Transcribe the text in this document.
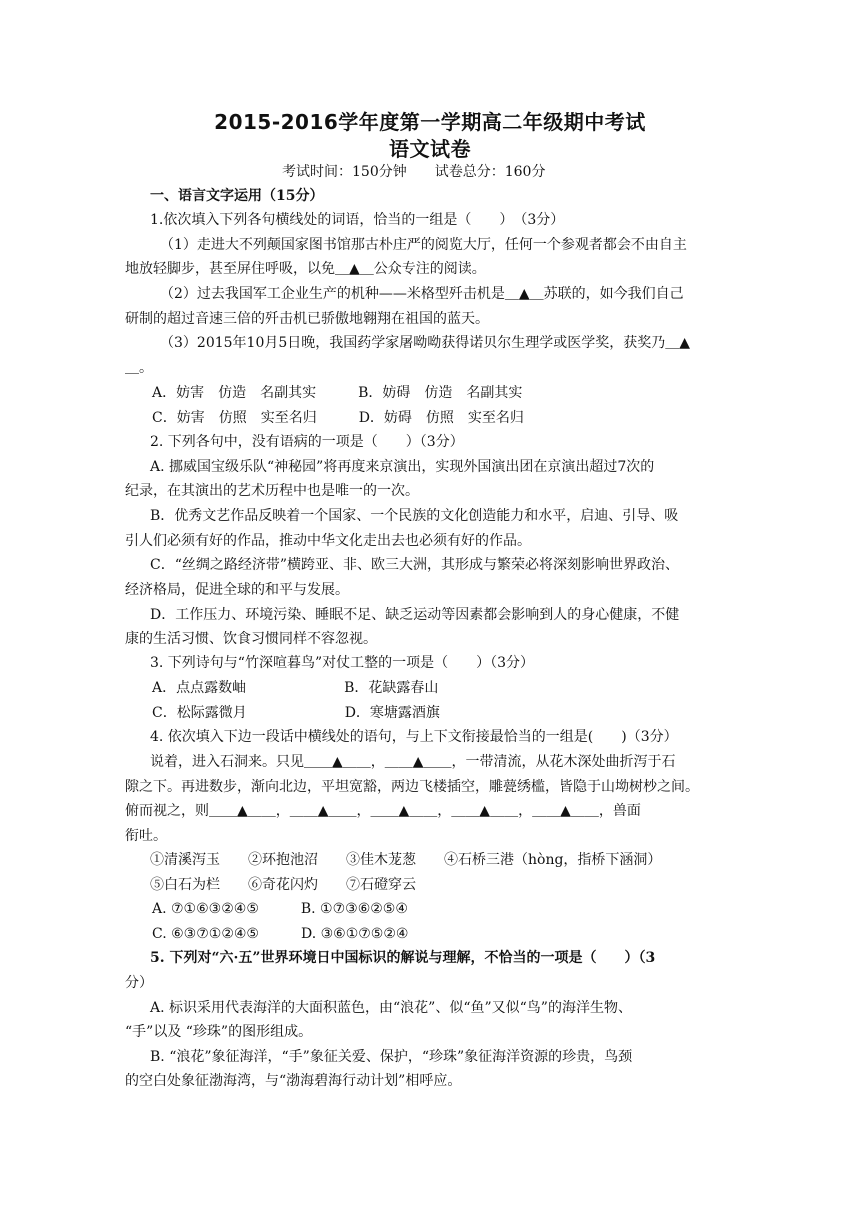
2015-2016学年度第一学期高二年级期中考试
语文试卷
考试时间：150分钟　　试卷总分：160分
一、语言文字运用（15分）
1.依次填入下列各句横线处的词语，恰当的一组是（　　）　（3分）
（1）走进大不列颠国家图书馆那古朴庄严的阅览大厅，任何一个参观者都会不由自主
地放轻脚步，甚至屏住呼吸，以免＿▲＿公众专注的阅读。
（2）过去我国军工企业生产的机种——米格型歼击机是＿▲＿苏联的，如今我们自己
研制的超过音速三倍的歼击机已骄傲地翱翔在祖国的蓝天。
（3）2015年10月5日晚，我国药学家屠呦呦获得诺贝尔生理学或医学奖，获奖乃＿▲
＿。
A．妨害　仿造　名副其实　　　B．妨碍　仿造　名副其实
C．妨害　仿照　实至名归　　　D．妨碍　仿照　实至名归
2. 下列各句中，没有语病的一项是（　　）（3分）
A. 挪威国宝级乐队“神秘园”将再度来京演出，实现外国演出团在京演出超过7次的
纪录，在其演出的艺术历程中也是唯一的一次。
B．优秀文艺作品反映着一个国家、一个民族的文化创造能力和水平，启迪、引导、吸
引人们必须有好的作品，推动中华文化走出去也必须有好的作品。
C．“丝绸之路经济带”横跨亚、非、欧三大洲，其形成与繁荣必将深刻影响世界政治、
经济格局，促进全球的和平与发展。
D．工作压力、环境污染、睡眠不足、缺乏运动等因素都会影响到人的身心健康，不健
康的生活习惯、饮食习惯同样不容忽视。
3. 下列诗句与“竹深喧暮鸟”对仗工整的一项是（　　）（3分）
A．点点露数岫　　　　　　　B．花缺露春山
C．松际露微月　　　　　　　D．寒塘露酒旗
4. 依次填入下边一段话中横线处的语句，与上下文衔接最恰当的一组是(　　)（3分）
说着，进入石洞来。只见＿＿▲＿＿，＿＿▲＿＿，一带清流，从花木深处曲折泻于石
隙之下。再进数步，渐向北边，平坦宽豁，两边飞楼插空，雕甍绣槛，皆隐于山坳树杪之间。
俯而视之，则＿＿▲＿＿，＿＿▲＿＿，＿＿▲＿＿，＿＿▲＿＿，＿＿▲＿＿，兽面
衔吐。
①清溪泻玉　　②环抱池沼　　③佳木茏葱　　④石桥三港（hòng，指桥下涵洞）
⑤白石为栏　　⑥奇花闪灼　　⑦石磴穿云
A. ⑦①⑥③②④⑤　　　B. ①⑦③⑥②⑤④
C. ⑥③⑦①②④⑤　　　D. ③⑥①⑦⑤②④
5. 下列对“六·五”世界环境日中国标识的解说与理解，不恰当的一项是（　　）（3
分）
A. 标识采用代表海洋的大面积蓝色，由“浪花”、似“鱼”又似“鸟”的海洋生物、
“手”以及 “珍珠”的图形组成。
B. “浪花”象征海洋，“手”象征关爱、保护，“珍珠”象征海洋资源的珍贵，鸟颈
的空白处象征渤海湾，与“渤海碧海行动计划”相呼应。
